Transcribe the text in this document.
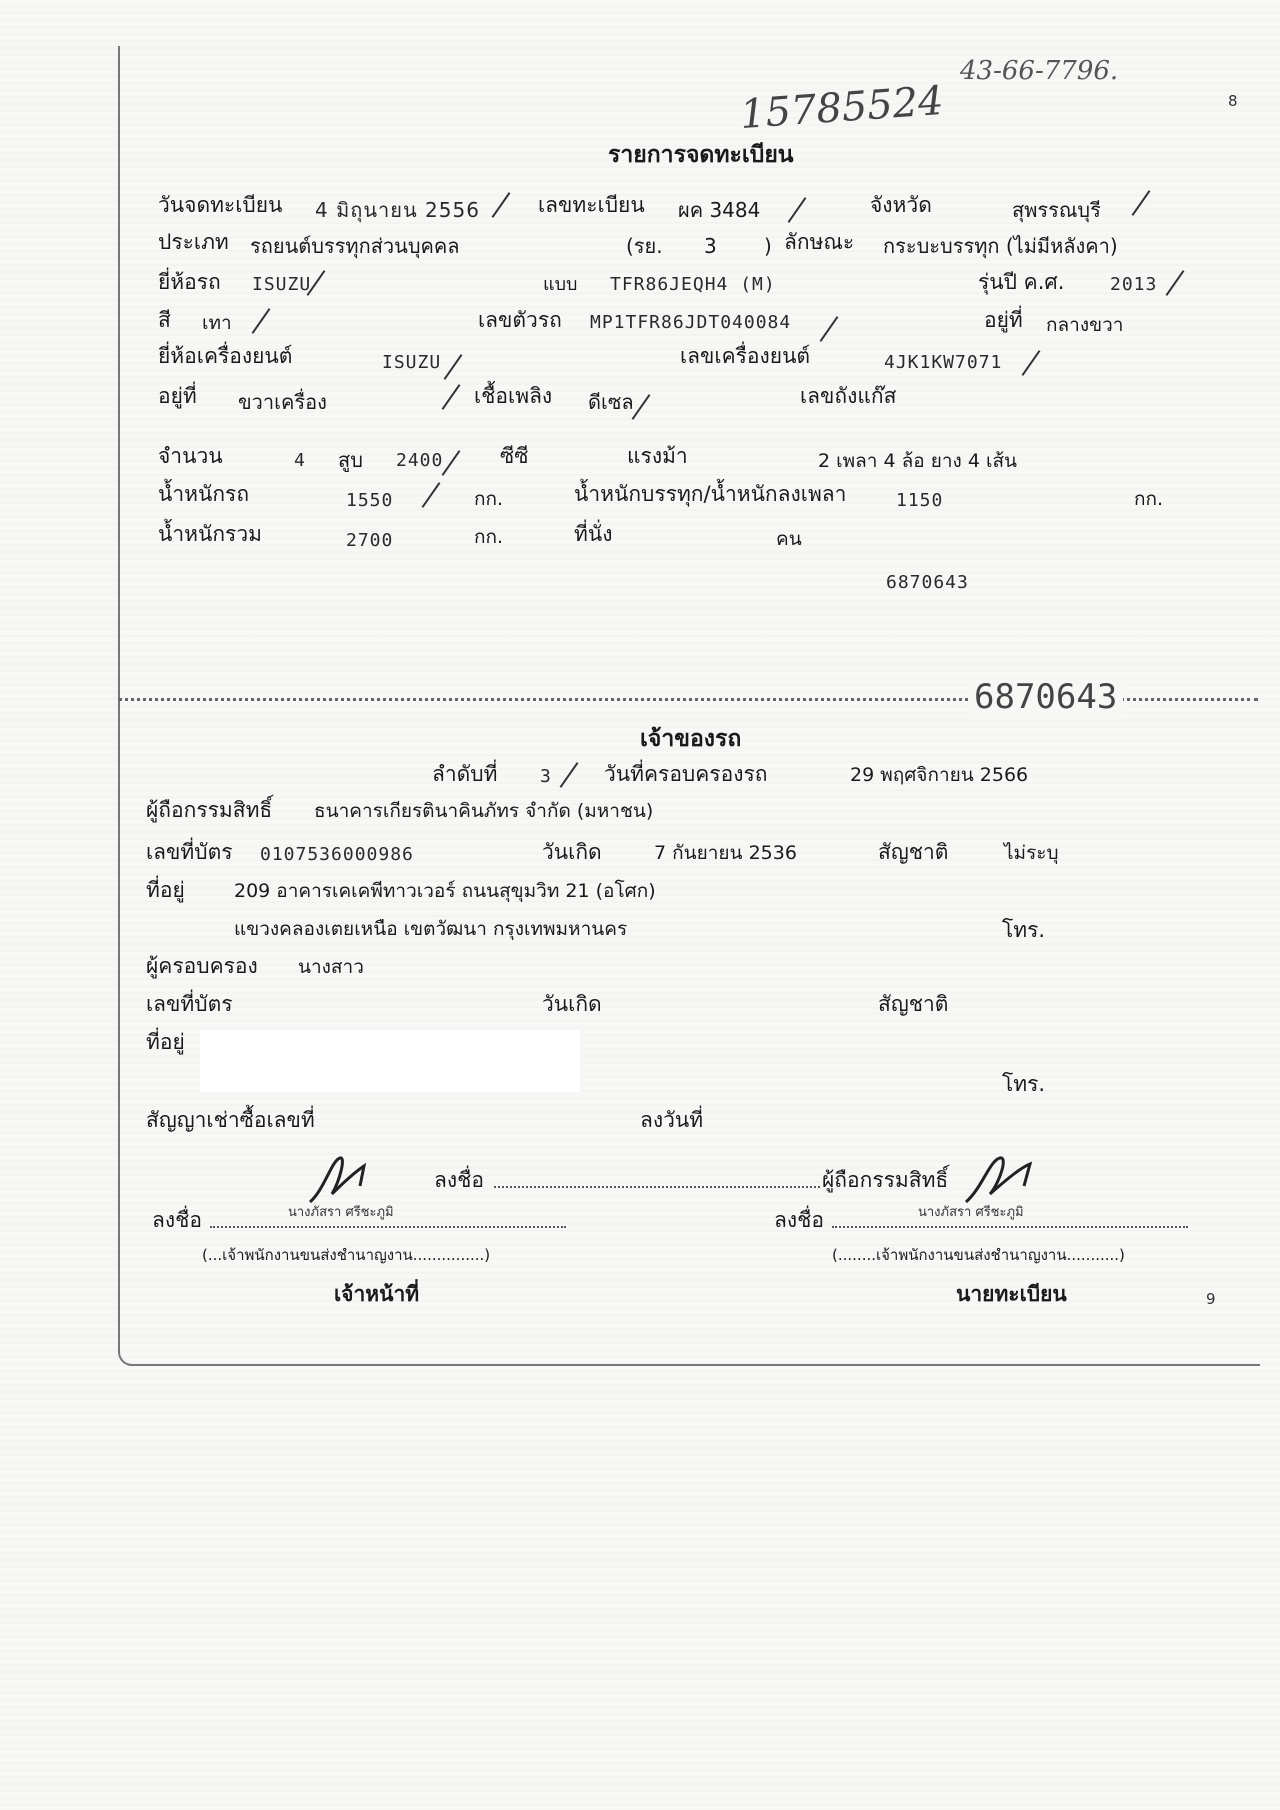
43-66-7796.
15785524	8
รายการจดทะเบียน
วันจดทะเบียน 4 มิถุนายน 2556	เลขทะเบียน ผค 3484	จังหวัด	สุพรรณบุรี
ประเภท รถยนต์บรรทุกส่วนบุคคล	(รย. 3 ) ลักษณะ กระบะบรรทุก (ไม่มีหลังคา)
ยี่ห้อรถ ISUZU	แบบ TFR86JEQH4 (M)	รุ่นปี ค.ศ.	2013
สี เทา	เลขตัวรถ MP1TFR86JDT040084	อยู่ที่ กลางขวา
ยี่ห้อเครื่องยนต์	ISUZU	เลขเครื่องยนต์	4JK1KW7071
อยู่ที่ ขวาเครื่อง	เชื้อเพลิง ดีเซล	เลขถังแก๊ส
จำนวน	4 สูบ 2400	ซีซี	แรงม้า	2 เพลา 4 ล้อ ยาง 4 เส้น
น้ำหนักรถ	1550	กก.	น้ำหนักบรรทุก/น้ำหนักลงเพลา	1150	กก.
น้ำหนักรวม	2700	กก.	ที่นั่ง	คน
6870643
6870643
เจ้าของรถ
ลำดับที่ 3 วันที่ครอบครองรถ	29 พฤศจิกายน 2566
ผู้ถือกรรมสิทธิ์ ธนาคารเกียรตินาคินภัทร จำกัด (มหาชน)
เลขที่บัตร 0107536000986	วันเกิด	7 กันยายน 2536	สัญชาติ	ไม่ระบุ
ที่อยู่	209 อาคารเคเคพีทาวเวอร์ ถนนสุขุมวิท 21 (อโศก)
แขวงคลองเตยเหนือ เขตวัฒนา กรุงเทพมหานคร	โทร.
ผู้ครอบครอง นางสาว
เลขที่บัตร	วันเกิด	สัญชาติ
ที่อยู่
โทร.
สัญญาเช่าซื้อเลขที่	ลงวันที่
ลงชื่อ	ผู้ถือกรรมสิทธิ์
ลงชื่อ	นางภัสรา ศรีชะภูมิ
(...เจ้าพนักงานขนส่งชำนาญงาน...............)
เจ้าหน้าที่
ลงชื่อ	นางภัสรา ศรีชะภูมิ
(........เจ้าพนักงานขนส่งชำนาญงาน...........)
นายทะเบียน	9
